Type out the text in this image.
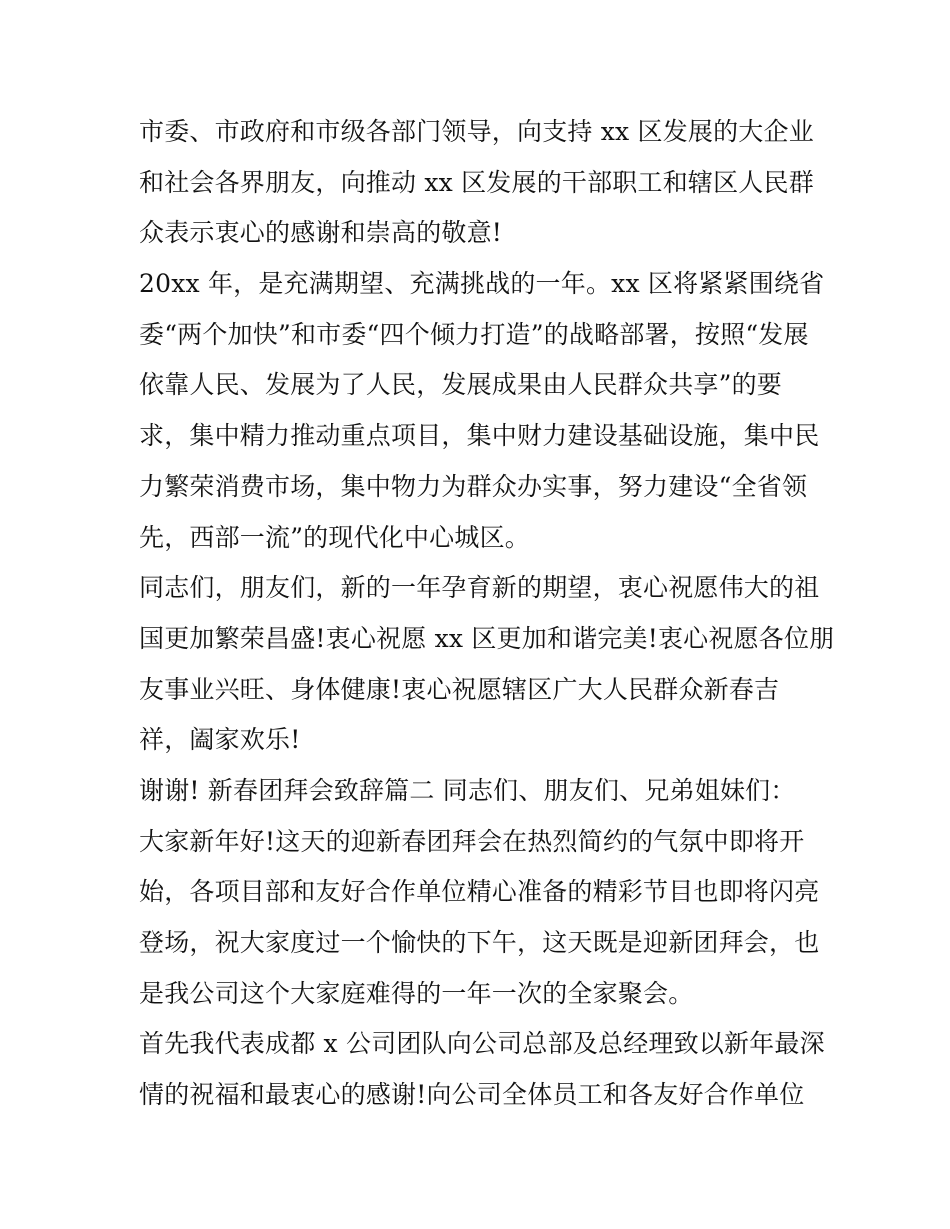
市委、市政府和市级各部门领导，向支持 xx 区发展的大企业
和社会各界朋友，向推动 xx 区发展的干部职工和辖区人民群
众表示衷心的感谢和崇高的敬意!
20xx 年，是充满期望、充满挑战的一年。xx 区将紧紧围绕省
委“两个加快”和市委“四个倾力打造”的战略部署，按照“发展
依靠人民、发展为了人民，发展成果由人民群众共享”的要
求，集中精力推动重点项目，集中财力建设基础设施，集中民
力繁荣消费市场，集中物力为群众办实事，努力建设“全省领
先，西部一流”的现代化中心城区。
同志们，朋友们，新的一年孕育新的期望，衷心祝愿伟大的祖
国更加繁荣昌盛!衷心祝愿 xx 区更加和谐完美!衷心祝愿各位朋
友事业兴旺、身体健康!衷心祝愿辖区广大人民群众新春吉
祥，阖家欢乐!
谢谢! 新春团拜会致辞篇二 同志们、朋友们、兄弟姐妹们：
大家新年好!这天的迎新春团拜会在热烈简约的气氛中即将开
始，各项目部和友好合作单位精心准备的精彩节目也即将闪亮
登场，祝大家度过一个愉快的下午，这天既是迎新团拜会，也
是我公司这个大家庭难得的一年一次的全家聚会。
首先我代表成都 x 公司团队向公司总部及总经理致以新年最深
情的祝福和最衷心的感谢!向公司全体员工和各友好合作单位
